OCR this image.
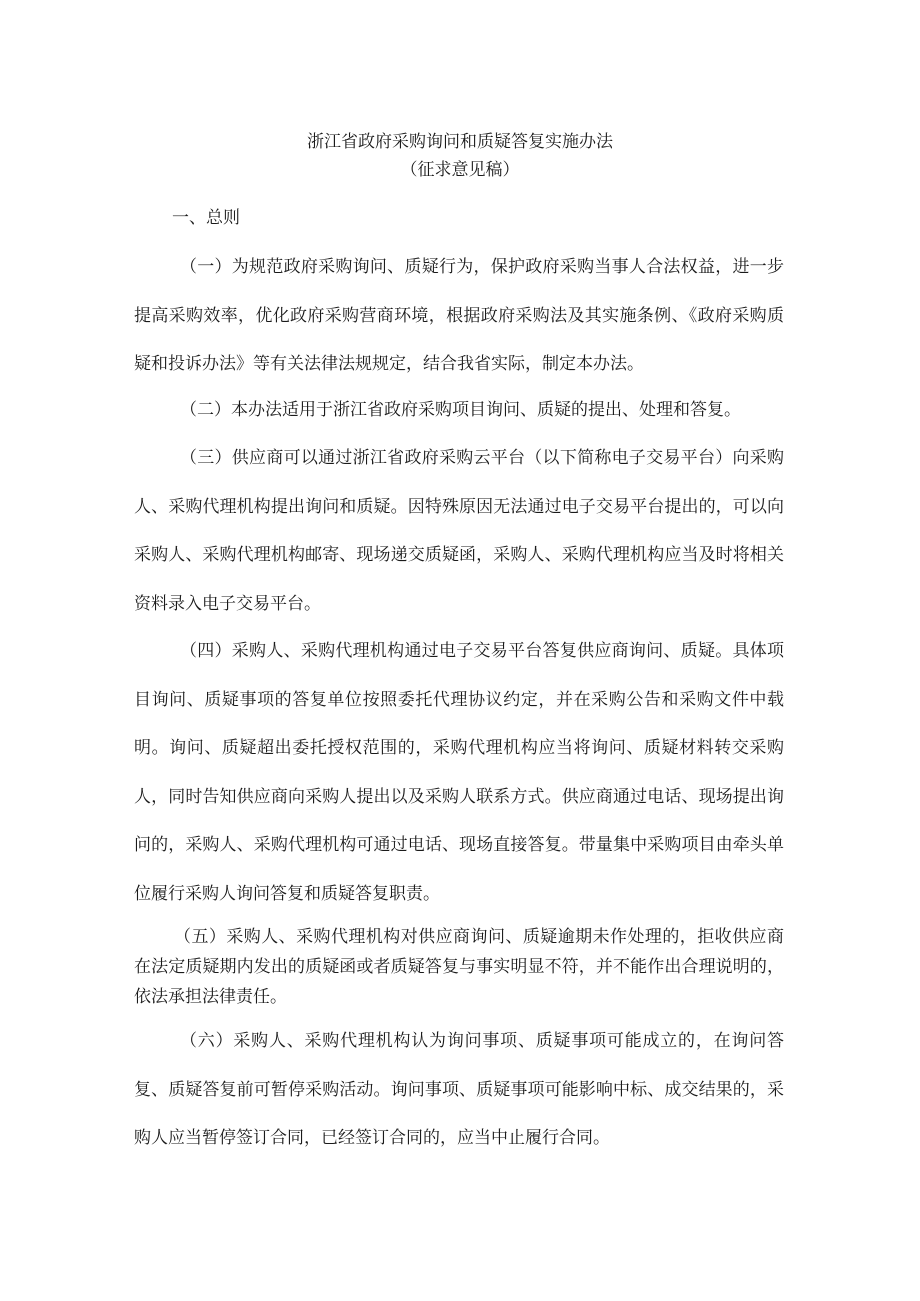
浙江省政府采购询问和质疑答复实施办法
（征求意见稿）
一、总则

（一）为规范政府采购询问、质疑行为，保护政府采购当事人合法权益，进一步提高采购效率，优化政府采购营商环境，根据政府采购法及其实施条例、《政府采购质疑和投诉办法》等有关法律法规规定，结合我省实际，制定本办法。

（二）本办法适用于浙江省政府采购项目询问、质疑的提出、处理和答复。

（三）供应商可以通过浙江省政府采购云平台（以下简称电子交易平台）向采购人、采购代理机构提出询问和质疑。因特殊原因无法通过电子交易平台提出的，可以向采购人、采购代理机构邮寄、现场递交质疑函，采购人、采购代理机构应当及时将相关资料录入电子交易平台。

（四）采购人、采购代理机构通过电子交易平台答复供应商询问、质疑。具体项目询问、质疑事项的答复单位按照委托代理协议约定，并在采购公告和采购文件中载明。询问、质疑超出委托授权范围的，采购代理机构应当将询问、质疑材料转交采购人，同时告知供应商向采购人提出以及采购人联系方式。供应商通过电话、现场提出询问的，采购人、采购代理机构可通过电话、现场直接答复。带量集中采购项目由牵头单位履行采购人询问答复和质疑答复职责。

（五）采购人、采购代理机构对供应商询问、质疑逾期未作处理的，拒收供应商在法定质疑期内发出的质疑函或者质疑答复与事实明显不符，并不能作出合理说明的，依法承担法律责任。

（六）采购人、采购代理机构认为询问事项、质疑事项可能成立的，在询问答复、质疑答复前可暂停采购活动。询问事项、质疑事项可能影响中标、成交结果的，采购人应当暂停签订合同，已经签订合同的，应当中止履行合同。
